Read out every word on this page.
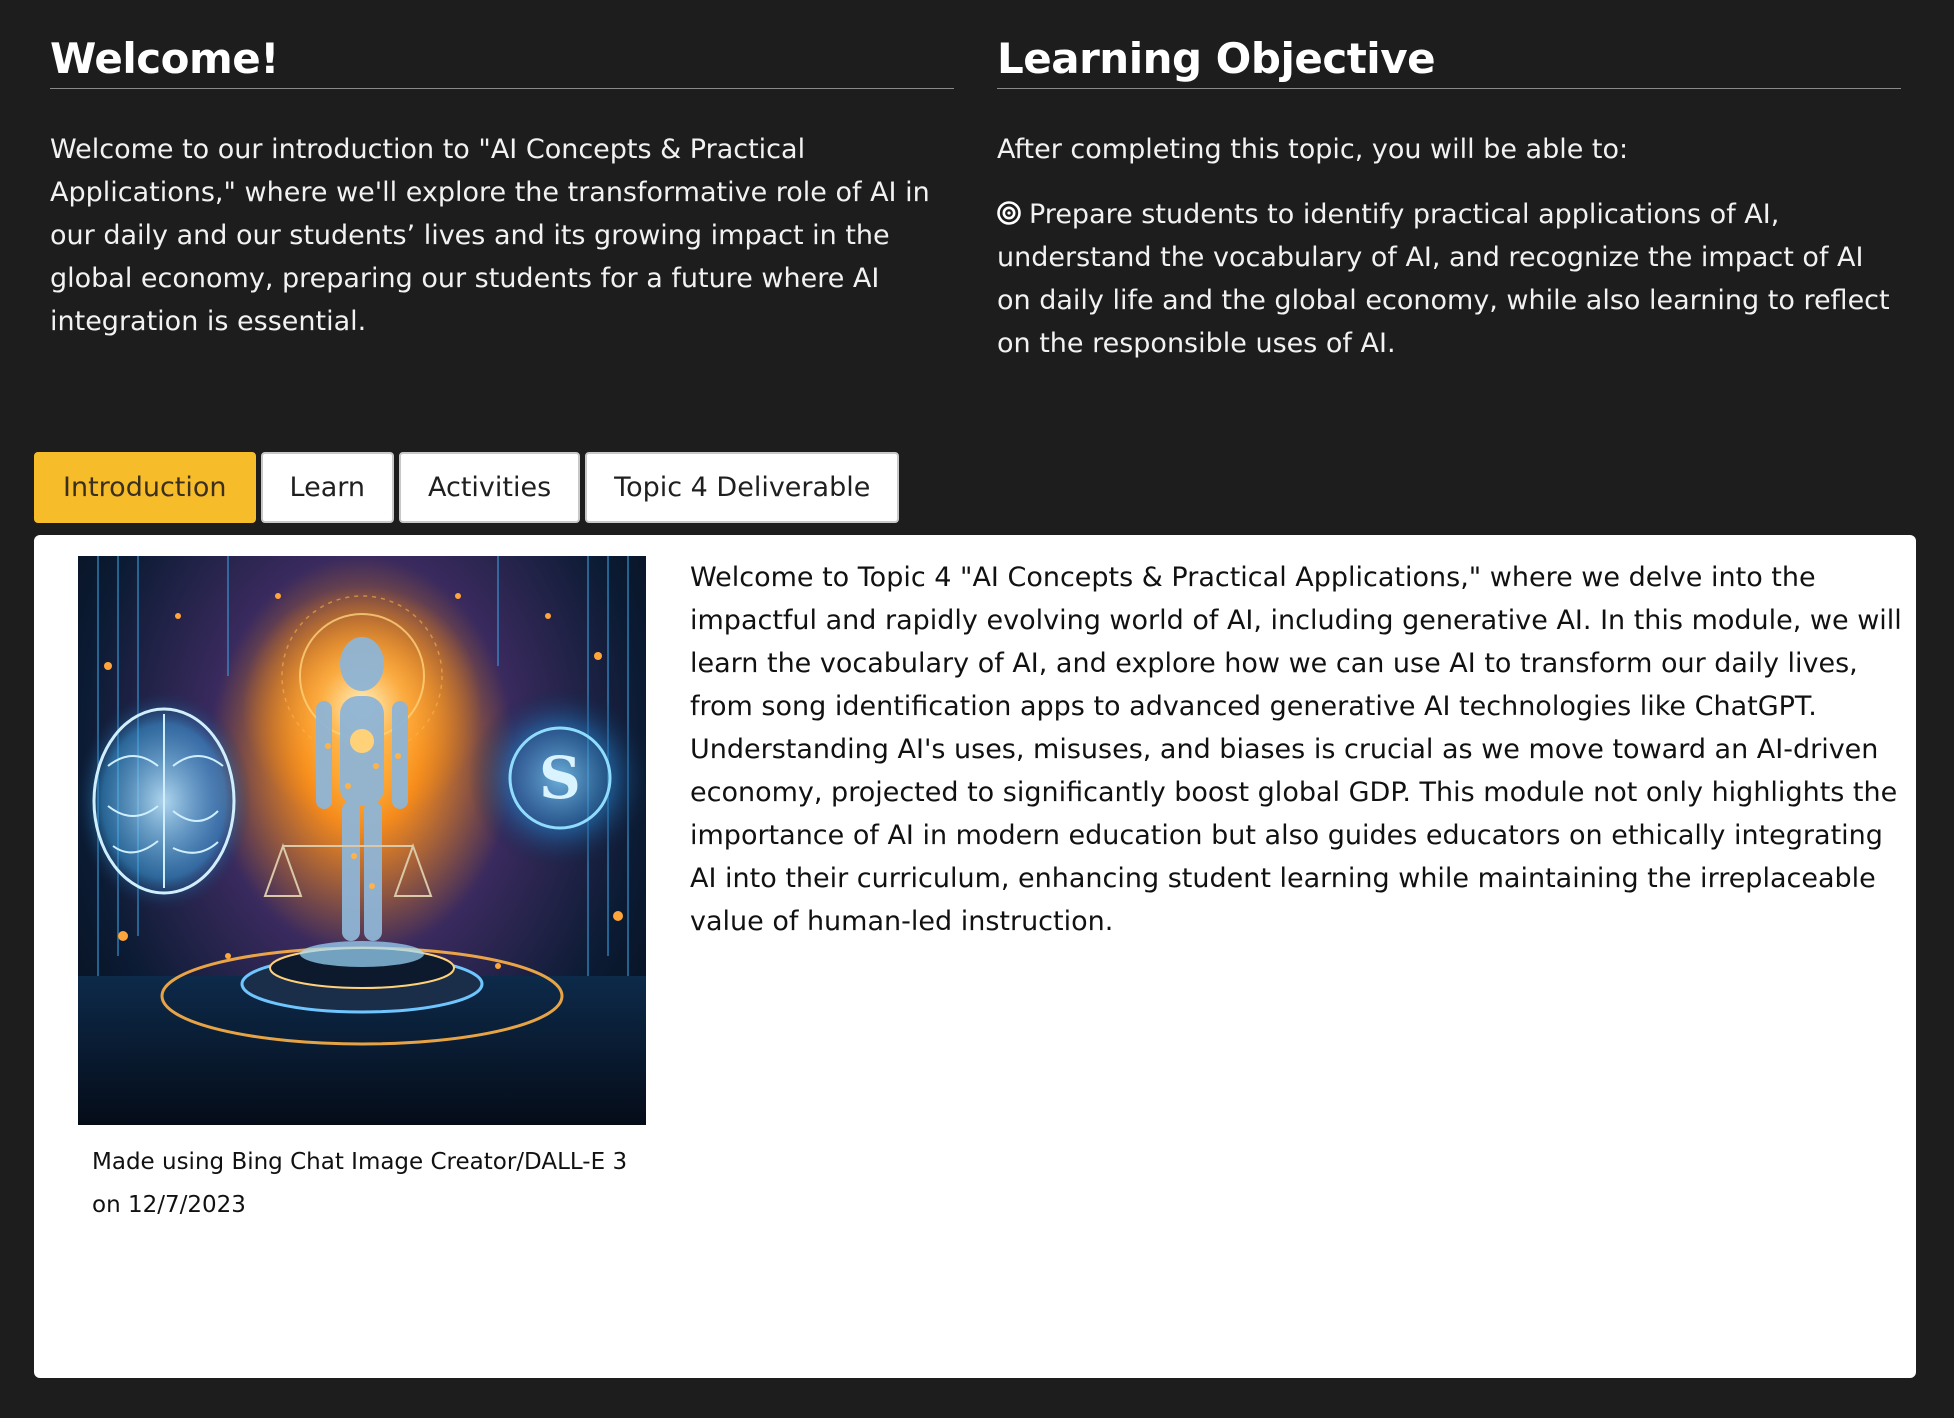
Welcome!

Welcome to our introduction to "AI Concepts & Practical Applications," where we'll explore the transformative role of AI in our daily and our students’ lives and its growing impact in the global economy, preparing our students for a future where AI integration is essential.

Learning Objective

After completing this topic, you will be able to:

Prepare students to identify practical applications of AI, understand the vocabulary of AI, and recognize the impact of AI on daily life and the global economy, while also learning to reflect on the responsible uses of AI.

Introduction	Learn	Activities	Topic 4 Deliverable
S

Made using Bing Chat Image Creator/DALL-E 3 on 12/7/2023

Welcome to Topic 4 "AI Concepts & Practical Applications," where we delve into the impactful and rapidly evolving world of AI, including generative AI. In this module, we will learn the vocabulary of AI, and explore how we can use AI to transform our daily lives, from song identification apps to advanced generative AI technologies like ChatGPT. Understanding AI's uses, misuses, and biases is crucial as we move toward an AI-driven economy, projected to significantly boost global GDP. This module not only highlights the importance of AI in modern education but also guides educators on ethically integrating AI into their curriculum, enhancing student learning while maintaining the irreplaceable value of human-led instruction.
